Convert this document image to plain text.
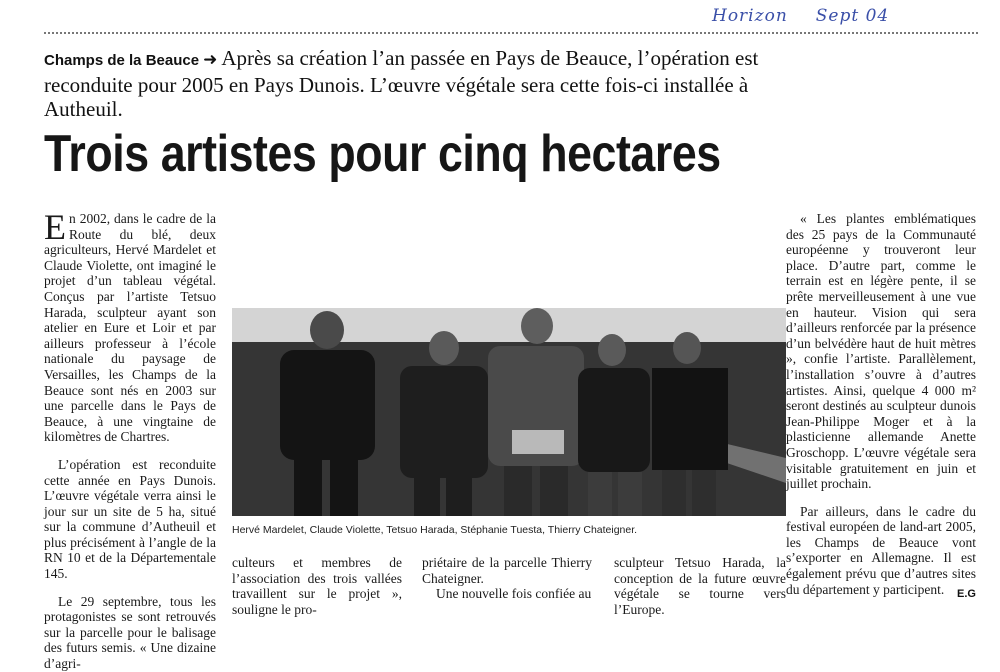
Horizon Sept 04
Champs de la Beauce ➜ Après sa création l’an passée en Pays de Beauce, l’opération est reconduite pour 2005 en Pays Dunois. L’œuvre végétale sera cette fois-ci installée à Autheuil.
Trois artistes pour cinq hectares

En 2002, dans le cadre de la Route du blé, deux agriculteurs, Hervé Mardelet et Claude Violette, ont imaginé le projet d’un tableau végétal. Conçus par l’artiste Tetsuo Harada, sculpteur ayant son atelier en Eure et Loir et par ailleurs professeur à l’école nationale du paysage de Versailles, les Champs de la Beauce sont nés en 2003 sur une parcelle dans le Pays de Beauce, à une vingtaine de kilomètres de Chartres.

L’opération est reconduite cette année en Pays Dunois. L’œuvre végétale verra ainsi le jour sur un site de 5 ha, situé sur la commune d’Autheuil et plus précisément à l’angle de la RN 10 et de la Départementale 145.

Le 29 septembre, tous les protagonistes se sont retrouvés sur la parcelle pour le balisage des futurs semis. « Une dizaine d’agri-

Hervé Mardelet, Claude Violette, Tetsuo Harada, Stéphanie Tuesta, Thierry Chateigner.

culteurs et membres de l’association des trois vallées travaillent sur le projet », souligne le pro-

priétaire de la parcelle Thierry Chateigner.

Une nouvelle fois confiée au

sculpteur Tetsuo Harada, la conception de la future œuvre végétale se tourne vers l’Europe.

« Les plantes emblématiques des 25 pays de la Communauté européenne y trouveront leur place. D’autre part, comme le terrain est en légère pente, il se prête merveilleusement à une vue en hauteur. Vision qui sera d’ailleurs renforcée par la présence d’un belvédère haut de huit mètres », confie l’artiste. Parallèlement, l’installation s’ouvre à d’autres artistes. Ainsi, quelque 4 000 m² seront destinés au sculpteur dunois Jean-Philippe Moger et à la plasticienne allemande Anette Groschopp. L’œuvre végétale sera visitable gratuitement en juin et juillet prochain.

Par ailleurs, dans le cadre du festival européen de land-art 2005, les Champs de Beauce vont s’exporter en Allemagne. Il est également prévu que d’autres sites du département y participent.	E.G
